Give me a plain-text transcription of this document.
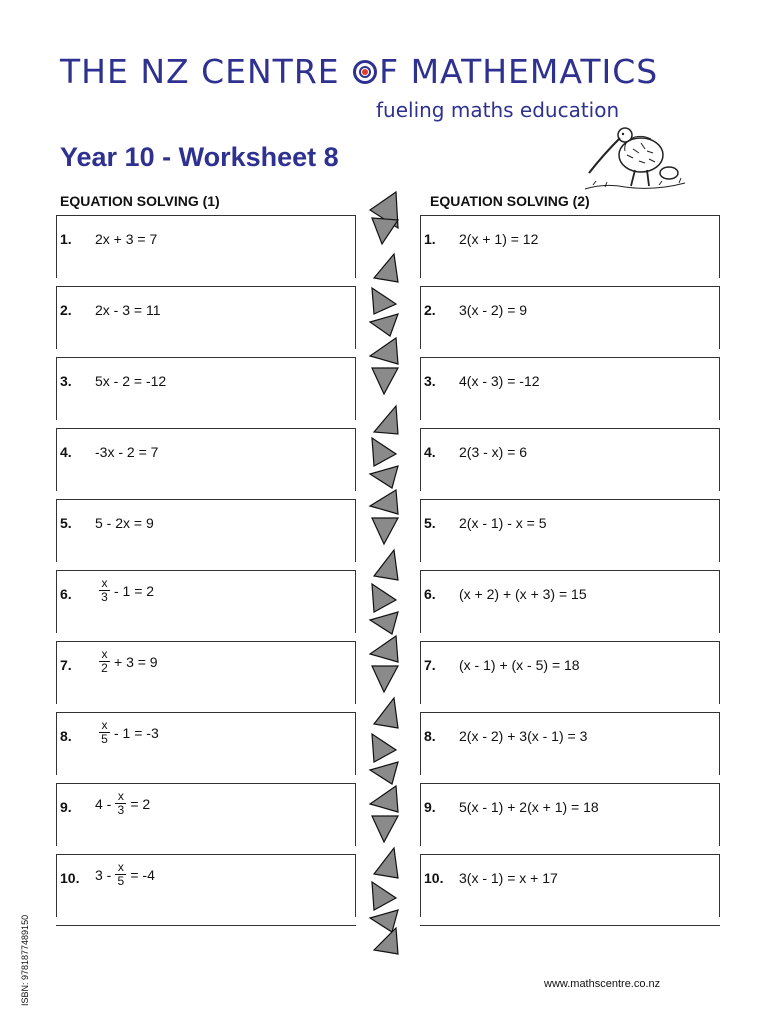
THE NZ CENTRE F MATHEMATICS
fueling maths education
Year 10 - Worksheet 8
EQUATION SOLVING (1)	EQUATION SOLVING (2)
1. 2x + 3 = 7
2. 2x - 3 = 11
3. 5x - 2 = -12
4. -3x - 2 = 7
5. 5 - 2x = 9
6. $\frac{x}{3} - 1 = 2$
7. $\frac{x}{2} + 3 = 9$
8. $\frac{x}{5} - 1 = -3$
9. $4 - \frac{x}{3} = 2$
10. $3 - \frac{x}{5} = -4$
1. 2(x + 1) = 12
2. 3(x - 2) = 9
3. 4(x - 3) = -12
4. 2(3 - x) = 6
5. 2(x - 1) - x = 5
6. (x + 2) + (x + 3) = 15
7. (x - 1) + (x - 5) = 18
8. 2(x - 2) + 3(x - 1) = 3
9. 5(x - 1) + 2(x + 1) = 18
10. 3(x - 1) = x + 17
ISBN: 9781877489150	www.mathscentre.co.nz
